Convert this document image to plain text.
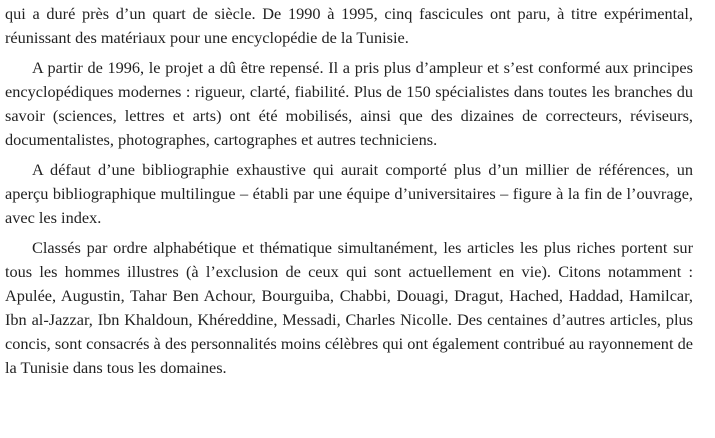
qui a duré près d’un quart de siècle. De 1990 à 1995, cinq fascicules ont paru, à titre expérimental, réunissant des matériaux pour une encyclopédie de la Tunisie.

A partir de 1996, le projet a dû être repensé. Il a pris plus d’ampleur et s’est conformé aux principes encyclopédiques modernes : rigueur, clarté, fiabilité. Plus de 150 spécialistes dans toutes les branches du savoir (sciences, lettres et arts) ont été mobilisés, ainsi que des dizaines de correcteurs, réviseurs, documentalistes, photographes, cartographes et autres techniciens.

A défaut d’une bibliographie exhaustive qui aurait comporté plus d’un millier de références, un aperçu bibliographique multilingue – établi par une équipe d’universitaires – figure à la fin de l’ouvrage, avec les index.

Classés par ordre alphabétique et thématique simultanément, les articles les plus riches portent sur tous les hommes illustres (à l’exclusion de ceux qui sont actuellement en vie). Citons notamment : Apulée, Augustin, Tahar Ben Achour, Bourguiba, Chabbi, Douagi, Dragut, Hached, Haddad, Hamilcar, Ibn al-Jazzar, Ibn Khaldoun, Khéreddine, Messadi, Charles Nicolle. Des centaines d’autres articles, plus concis, sont consacrés à des personnalités moins célèbres qui ont également contribué au rayonnement de la Tunisie dans tous les domaines.
